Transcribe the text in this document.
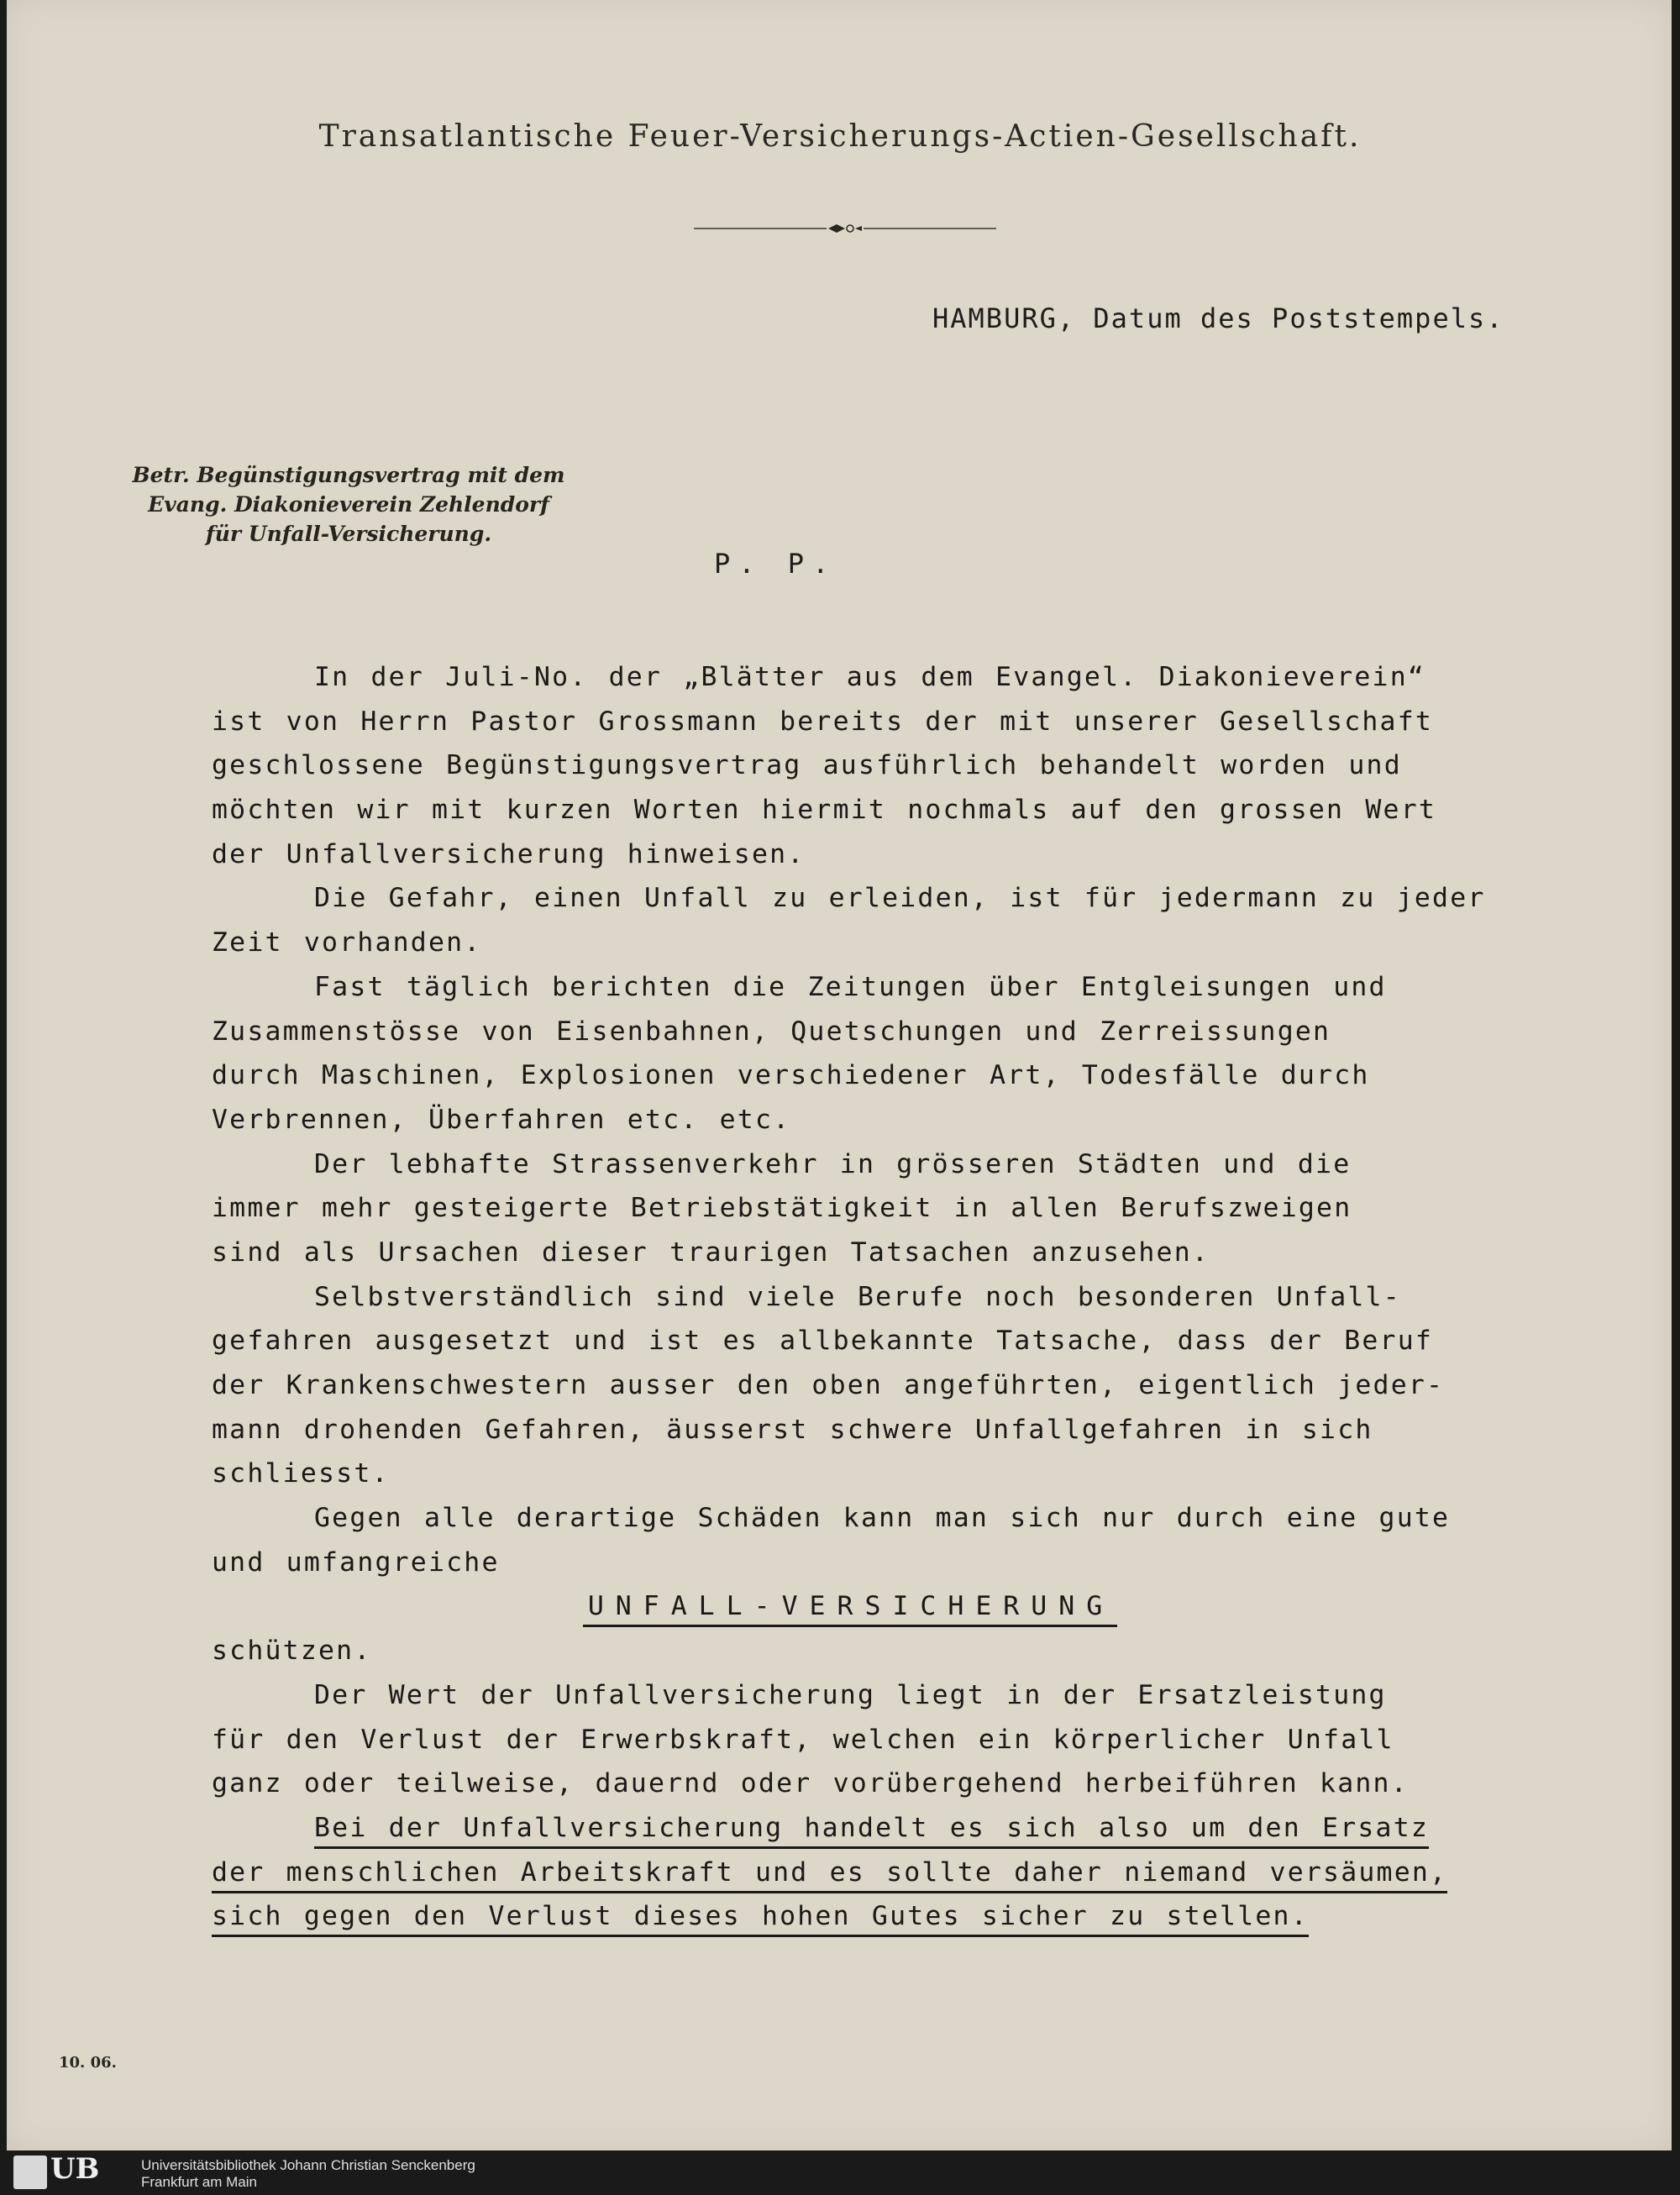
Transatlantische Feuer-Versicherungs-Actien-Gesellschaft.
HAMBURG, Datum des Poststempels.
Betr. Begünstigungsvertrag mit dem
Evang. Diakonieverein Zehlendorf
für Unfall-Versicherung.
P. P.
In der Juli-No. der „Blätter aus dem Evangel. Diakonieverein“
ist von Herrn Pastor Grossmann bereits der mit unserer Gesellschaft
geschlossene Begünstigungsvertrag ausführlich behandelt worden und
möchten wir mit kurzen Worten hiermit nochmals auf den grossen Wert
der Unfallversicherung hinweisen.
Die Gefahr, einen Unfall zu erleiden, ist für jedermann zu jeder
Zeit vorhanden.
Fast täglich berichten die Zeitungen über Entgleisungen und
Zusammenstösse von Eisenbahnen, Quetschungen und Zerreissungen
durch Maschinen, Explosionen verschiedener Art, Todesfälle durch
Verbrennen, Überfahren etc. etc.
Der lebhafte Strassenverkehr in grösseren Städten und die
immer mehr gesteigerte Betriebstätigkeit in allen Berufszweigen
sind als Ursachen dieser traurigen Tatsachen anzusehen.
Selbstverständlich sind viele Berufe noch besonderen Unfall-
gefahren ausgesetzt und ist es allbekannte Tatsache, dass der Beruf
der Krankenschwestern ausser den oben angeführten, eigentlich jeder-
mann drohenden Gefahren, äusserst schwere Unfallgefahren in sich
schliesst.
Gegen alle derartige Schäden kann man sich nur durch eine gute
und umfangreiche
UNFALL-VERSICHERUNG
schützen.
Der Wert der Unfallversicherung liegt in der Ersatzleistung
für den Verlust der Erwerbskraft, welchen ein körperlicher Unfall
ganz oder teilweise, dauernd oder vorübergehend herbeiführen kann.
Bei der Unfallversicherung handelt es sich also um den Ersatz
der menschlichen Arbeitskraft und es sollte daher niemand versäumen,
sich gegen den Verlust dieses hohen Gutes sicher zu stellen.
10. 06.
UB	Universitätsbibliothek Johann Christian Senckenberg
Frankfurt am Main
